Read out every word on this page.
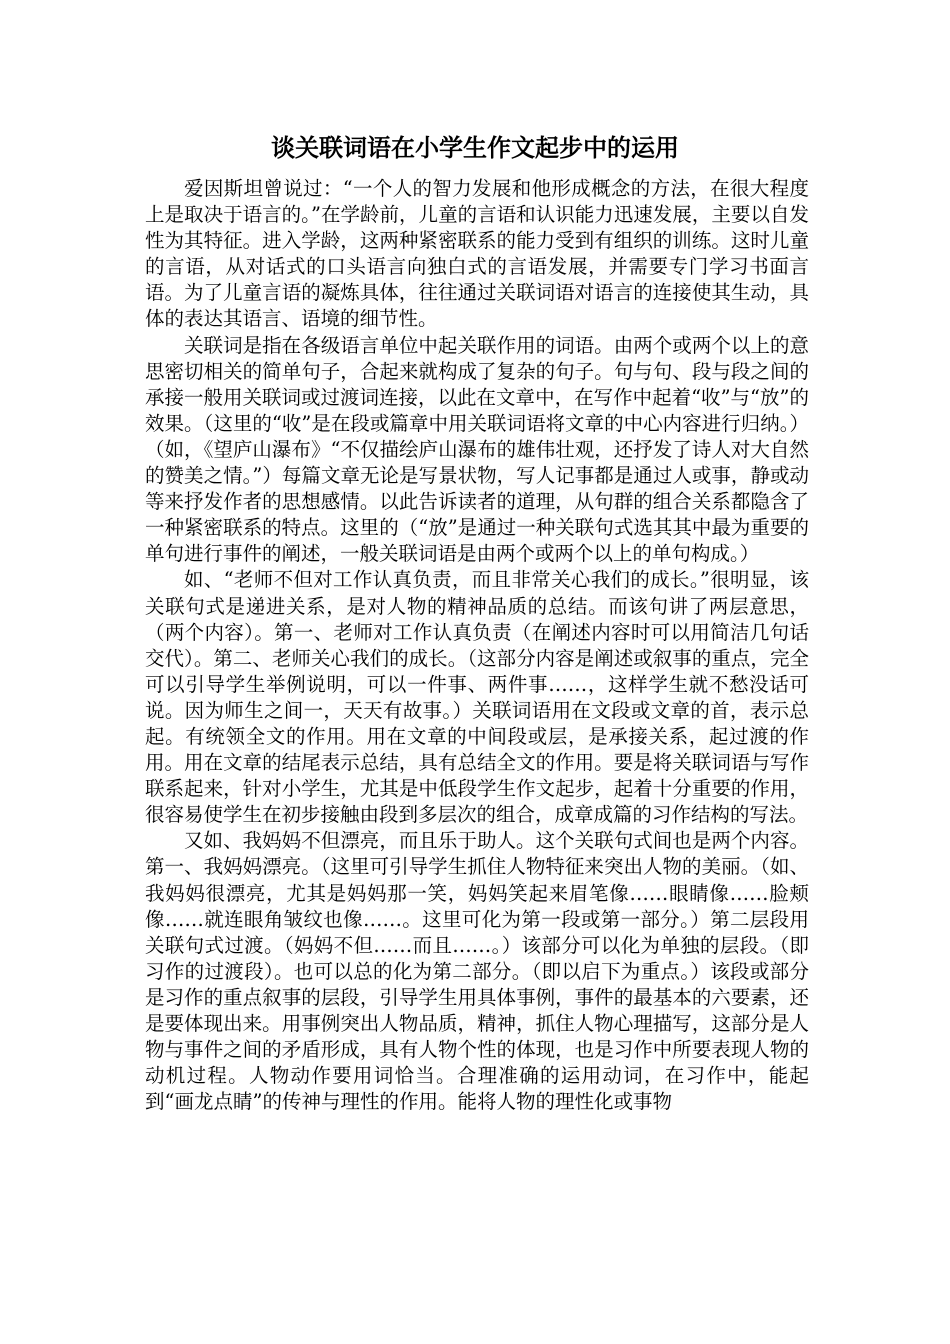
谈关联词语在小学生作文起步中的运用

爱因斯坦曾说过：“一个人的智力发展和他形成概念的方法，在很大程度上是取决于语言的。”在学龄前，儿童的言语和认识能力迅速发展，主要以自发性为其特征。进入学龄，这两种紧密联系的能力受到有组织的训练。这时儿童的言语，从对话式的口头语言向独白式的言语发展，并需要专门学习书面言语。为了儿童言语的凝炼具体，往往通过关联词语对语言的连接使其生动，具体的表达其语言、语境的细节性。

关联词是指在各级语言单位中起关联作用的词语。由两个或两个以上的意思密切相关的简单句子，合起来就构成了复杂的句子。句与句、段与段之间的承接一般用关联词或过渡词连接，以此在文章中，在写作中起着“收”与“放”的效果。（这里的“收”是在段或篇章中用关联词语将文章的中心内容进行归纳。）（如，《望庐山瀑布》“不仅描绘庐山瀑布的雄伟壮观，还抒发了诗人对大自然的赞美之情。”）每篇文章无论是写景状物，写人记事都是通过人或事，静或动等来抒发作者的思想感情。以此告诉读者的道理，从句群的组合关系都隐含了一种紧密联系的特点。这里的（“放”是通过一种关联句式选其其中最为重要的单句进行事件的阐述，一般关联词语是由两个或两个以上的单句构成。）

如、“老师不但对工作认真负责，而且非常关心我们的成长。”很明显，该关联句式是递进关系，是对人物的精神品质的总结。而该句讲了两层意思，（两个内容）。第一、老师对工作认真负责（在阐述内容时可以用简洁几句话交代）。第二、老师关心我们的成长。（这部分内容是阐述或叙事的重点，完全可以引导学生举例说明，可以一件事、两件事……，这样学生就不愁没话可说。因为师生之间一，天天有故事。）关联词语用在文段或文章的首，表示总起。有统领全文的作用。用在文章的中间段或层，是承接关系，起过渡的作用。用在文章的结尾表示总结，具有总结全文的作用。要是将关联词语与写作联系起来，针对小学生，尤其是中低段学生作文起步，起着十分重要的作用，很容易使学生在初步接触由段到多层次的组合，成章成篇的习作结构的写法。

又如、我妈妈不但漂亮，而且乐于助人。这个关联句式间也是两个内容。第一、我妈妈漂亮。（这里可引导学生抓住人物特征来突出人物的美丽。（如、我妈妈很漂亮，尤其是妈妈那一笑，妈妈笑起来眉笔像……眼睛像……脸颊像……就连眼角皱纹也像……。这里可化为第一段或第一部分。）第二层段用关联句式过渡。（妈妈不但……而且……。）该部分可以化为单独的层段。（即习作的过渡段）。也可以总的化为第二部分。（即以启下为重点。）该段或部分是习作的重点叙事的层段，引导学生用具体事例，事件的最基本的六要素，还是要体现出来。用事例突出人物品质，精神，抓住人物心理描写，这部分是人物与事件之间的矛盾形成，具有人物个性的体现，也是习作中所要表现人物的动机过程。人物动作要用词恰当。合理准确的运用动词，在习作中，能起到“画龙点睛”的传神与理性的作用。能将人物的理性化或事物
